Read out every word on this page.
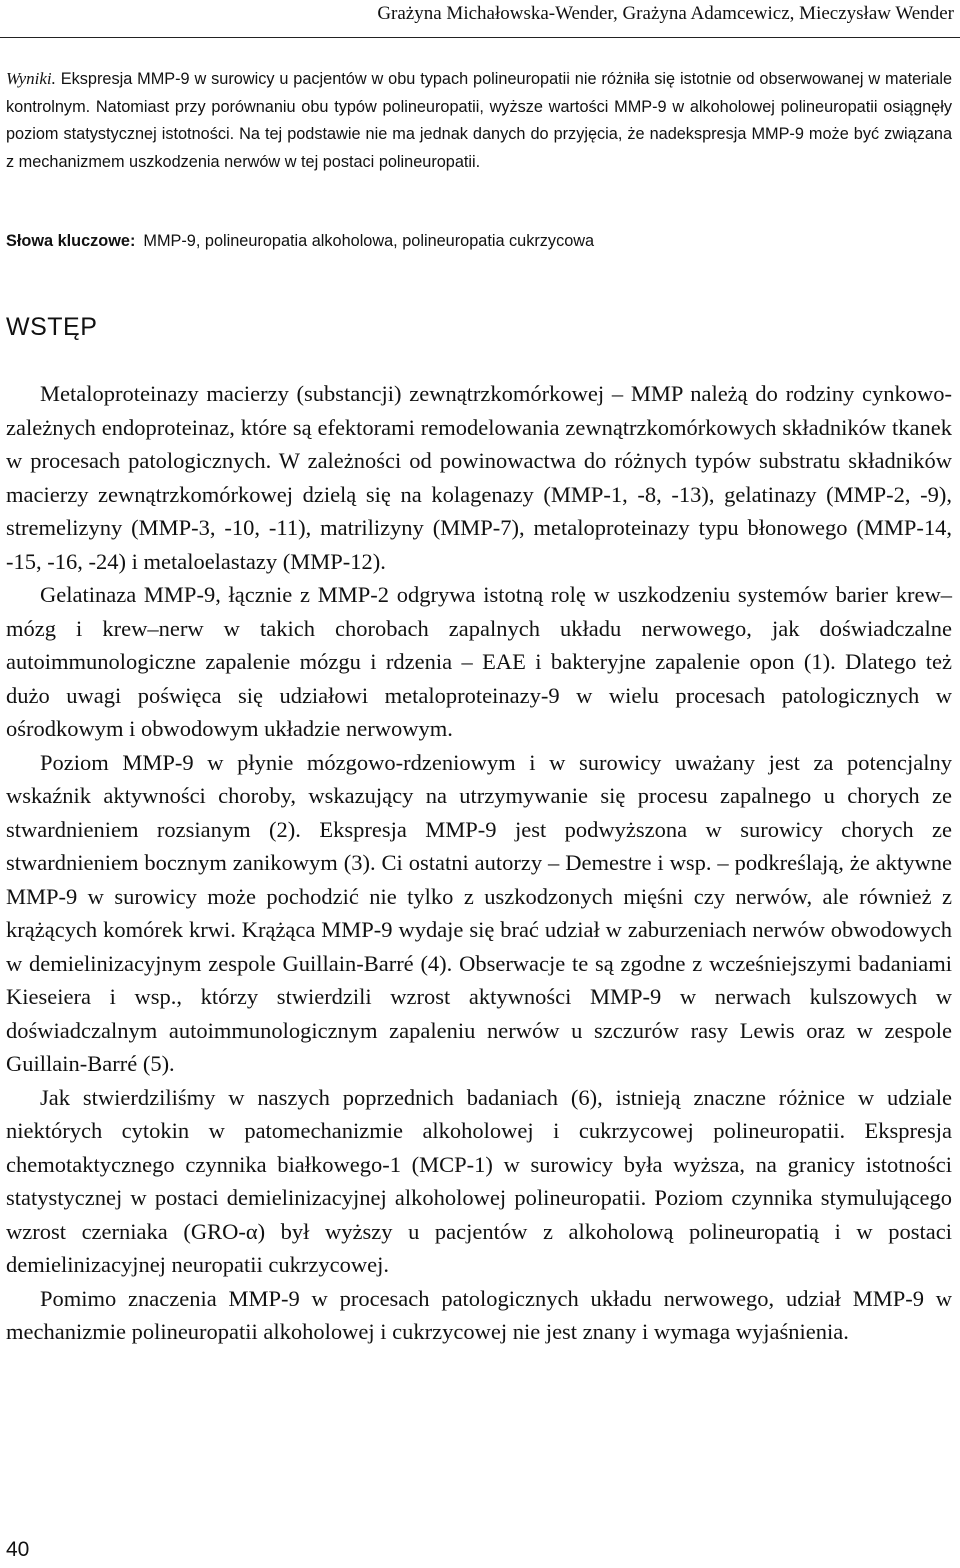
Grażyna Michałowska-Wender, Grażyna Adamcewicz, Mieczysław Wender

Wyniki. Ekspresja MMP-9 w surowicy u pacjentów w obu typach polineuropatii nie różniła się istotnie od obserwowanej w materiale kontrolnym. Natomiast przy porównaniu obu typów polineuropatii, wyższe wartości MMP-9 w alkoholowej polineuropatii osiągnęły poziom statystycznej istotności. Na tej podstawie nie ma jednak danych do przyjęcia, że nadekspresja MMP-9 może być związana z mechanizmem uszkodzenia nerwów w tej postaci polineuropatii.

Słowa kluczowe: MMP-9, polineuropatia alkoholowa, polineuropatia cukrzycowa

WSTĘP

Metaloproteinazy macierzy (substancji) zewnątrzkomórkowej – MMP należą do rodziny cynkowo-zależnych endoproteinaz, które są efektorami remodelowania zewnątrzkomórkowych składników tkanek w procesach patologicznych. W zależności od powinowactwa do różnych typów substratu składników macierzy zewnątrzkomórkowej dzielą się na kolagenazy (MMP-1, -8, -13), gelatinazy (MMP-2, -9), stremelizyny (MMP-3, -10, -11), matrilizyny (MMP-7), metaloproteinazy typu błonowego (MMP-14, -15, -16, -24) i metaloelastazy (MMP-12).

Gelatinaza MMP-9, łącznie z MMP-2 odgrywa istotną rolę w uszkodzeniu systemów barier krew–mózg i krew–nerw w takich chorobach zapalnych układu nerwowego, jak doświadczalne autoimmunologiczne zapalenie mózgu i rdzenia – EAE i bakteryjne zapalenie opon (1). Dlatego też dużo uwagi poświęca się udziałowi metaloproteinazy-9 w wielu procesach patologicznych w ośrodkowym i obwodowym układzie nerwowym.

Poziom MMP-9 w płynie mózgowo-rdzeniowym i w surowicy uważany jest za potencjalny wskaźnik aktywności choroby, wskazujący na utrzymywanie się procesu zapalnego u chorych ze stwardnieniem rozsianym (2). Ekspresja MMP-9 jest podwyższona w surowicy chorych ze stwardnieniem bocznym zanikowym (3). Ci ostatni autorzy – Demestre i wsp. – podkreślają, że aktywne MMP-9 w surowicy może pochodzić nie tylko z uszkodzonych mięśni czy nerwów, ale również z krążących komórek krwi. Krążąca MMP-9 wydaje się brać udział w zaburzeniach nerwów obwodowych w demielinizacyjnym zespole Guillain-Barré (4). Obserwacje te są zgodne z wcześniejszymi badaniami Kieseiera i wsp., którzy stwierdzili wzrost aktywności MMP-9 w nerwach kulszowych w doświadczalnym autoimmunologicznym zapaleniu nerwów u szczurów rasy Lewis oraz w zespole Guillain-Barré (5).

Jak stwierdziliśmy w naszych poprzednich badaniach (6), istnieją znaczne różnice w udziale niektórych cytokin w patomechanizmie alkoholowej i cukrzycowej polineuropatii. Ekspresja chemotaktycznego czynnika białkowego-1 (MCP-1) w surowicy była wyższa, na granicy istotności statystycznej w postaci demielinizacyjnej alkoholowej polineuropatii. Poziom czynnika stymulującego wzrost czerniaka (GRO-α) był wyższy u pacjentów z alkoholową polineuropatią i w postaci demielinizacyjnej neuropatii cukrzycowej.

Pomimo znaczenia MMP-9 w procesach patologicznych układu nerwowego, udział MMP-9 w mechanizmie polineuropatii alkoholowej i cukrzycowej nie jest znany i wymaga wyjaśnienia.

40
